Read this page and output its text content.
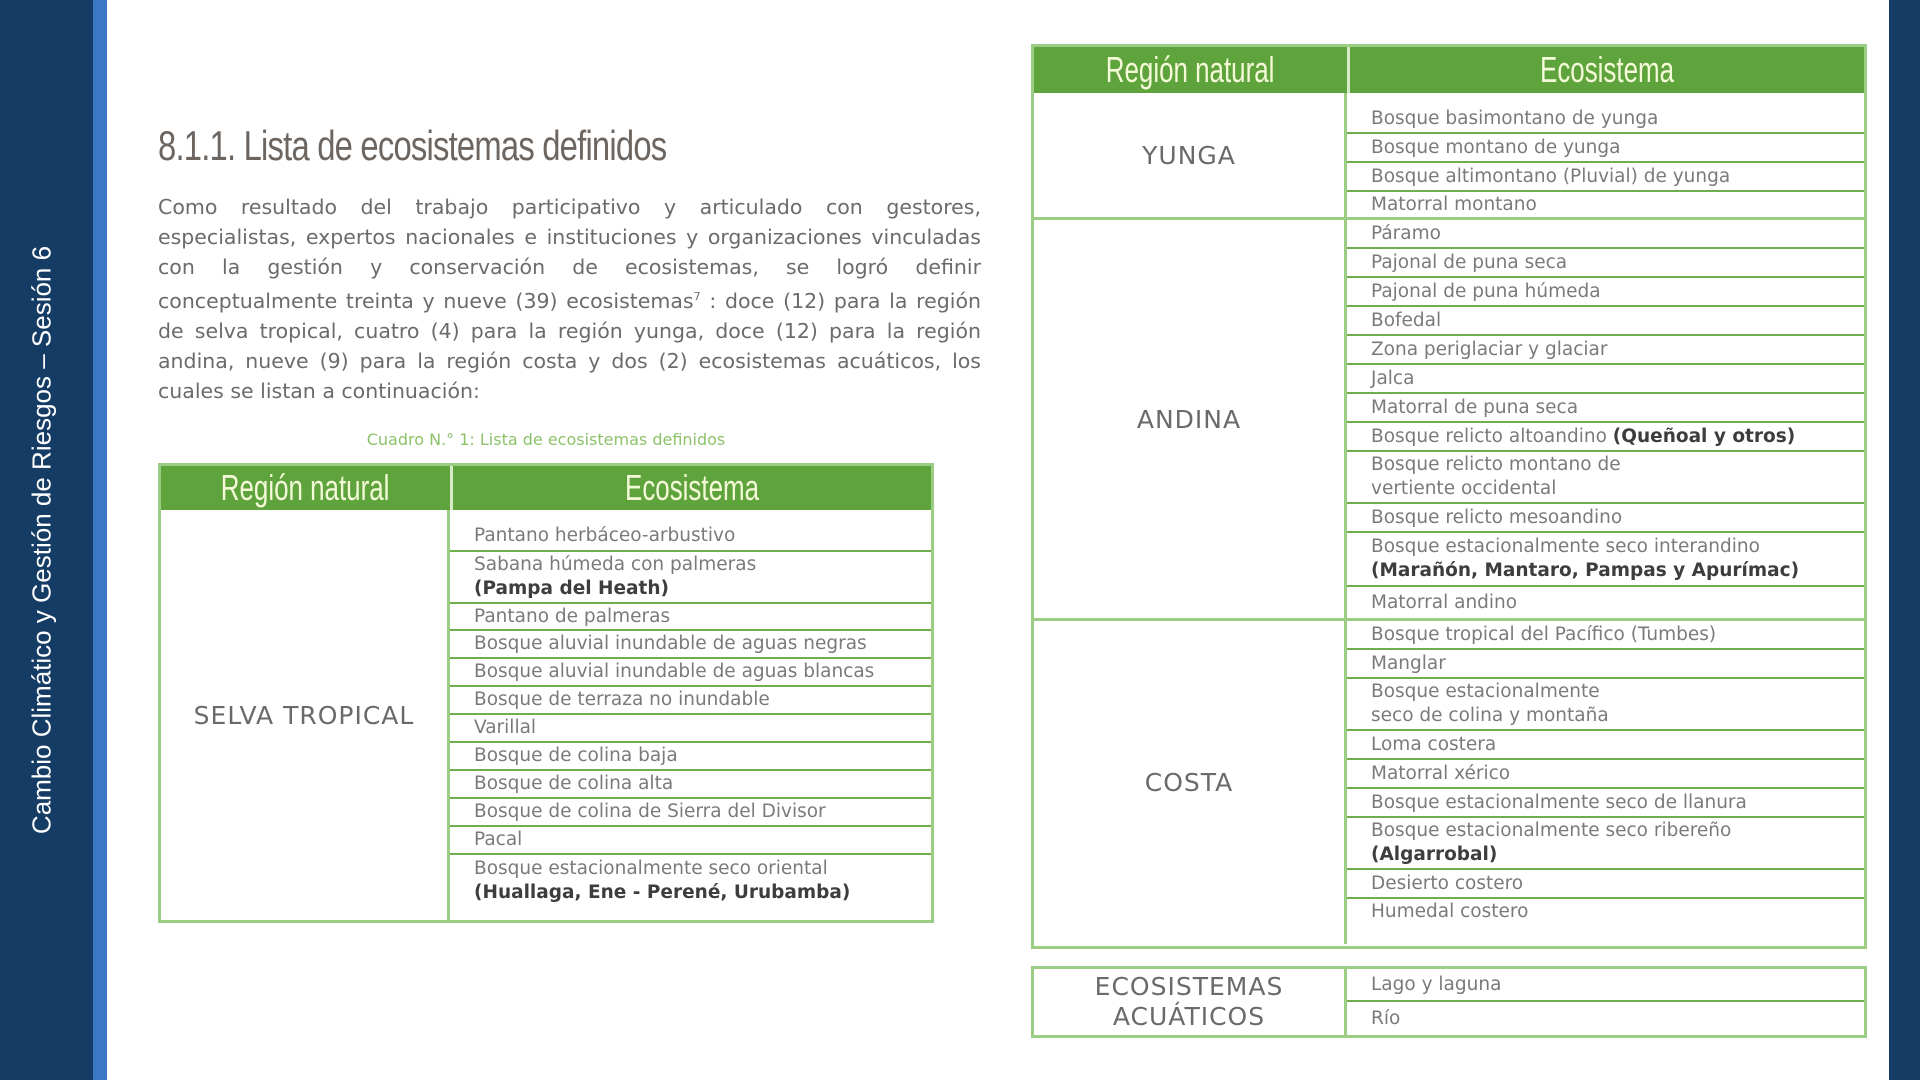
Cambio Climático y Gestión de Riesgos – Sesión 6
8.1.1. Lista de ecosistemas definidos
Como resultado del trabajo participativo y articulado con gestores, especialistas, expertos nacionales e instituciones y organizaciones vinculadas con la gestión y conservación de ecosistemas, se logró definir conceptualmente treinta y nueve (39) ecosistemas$^7$ : doce (12) para la región de selva tropical, cuatro (4) para la región yunga, doce (12) para la región andina, nueve (9) para la región costa y dos (2) ecosistemas acuáticos, los cuales se listan a continuación:
Cuadro N.° 1: Lista de ecosistemas definidos
Región natural	Ecosistema
SELVA TROPICAL
Pantano herbáceo-arbustivo
Sabana húmeda con palmeras
(Pampa del Heath)
Pantano de palmeras
Bosque aluvial inundable de aguas negras
Bosque aluvial inundable de aguas blancas
Bosque de terraza no inundable
Varillal
Bosque de colina baja
Bosque de colina alta
Bosque de colina de Sierra del Divisor
Pacal
Bosque estacionalmente seco oriental
(Huallaga, Ene - Perené, Urubamba)
Región natural	Ecosistema
YUNGA
Bosque basimontano de yunga
Bosque montano de yunga
Bosque altimontano (Pluvial) de yunga
Matorral montano
ANDINA
Páramo
Pajonal de puna seca
Pajonal de puna húmeda
Bofedal
Zona periglaciar y glaciar
Jalca
Matorral de puna seca
Bosque relicto altoandino (Queñoal y otros)
Bosque relicto montano de
vertiente occidental
Bosque relicto mesoandino
Bosque estacionalmente seco interandino
(Marañón, Mantaro, Pampas y Apurímac)
Matorral andino
COSTA
Bosque tropical del Pacífico (Tumbes)
Manglar
Bosque estacionalmente
seco de colina y montaña
Loma costera
Matorral xérico
Bosque estacionalmente seco de llanura
Bosque estacionalmente seco ribereño
(Algarrobal)
Desierto costero
Humedal costero
ECOSISTEMAS
ACUÁTICOS
Lago y laguna
Río
